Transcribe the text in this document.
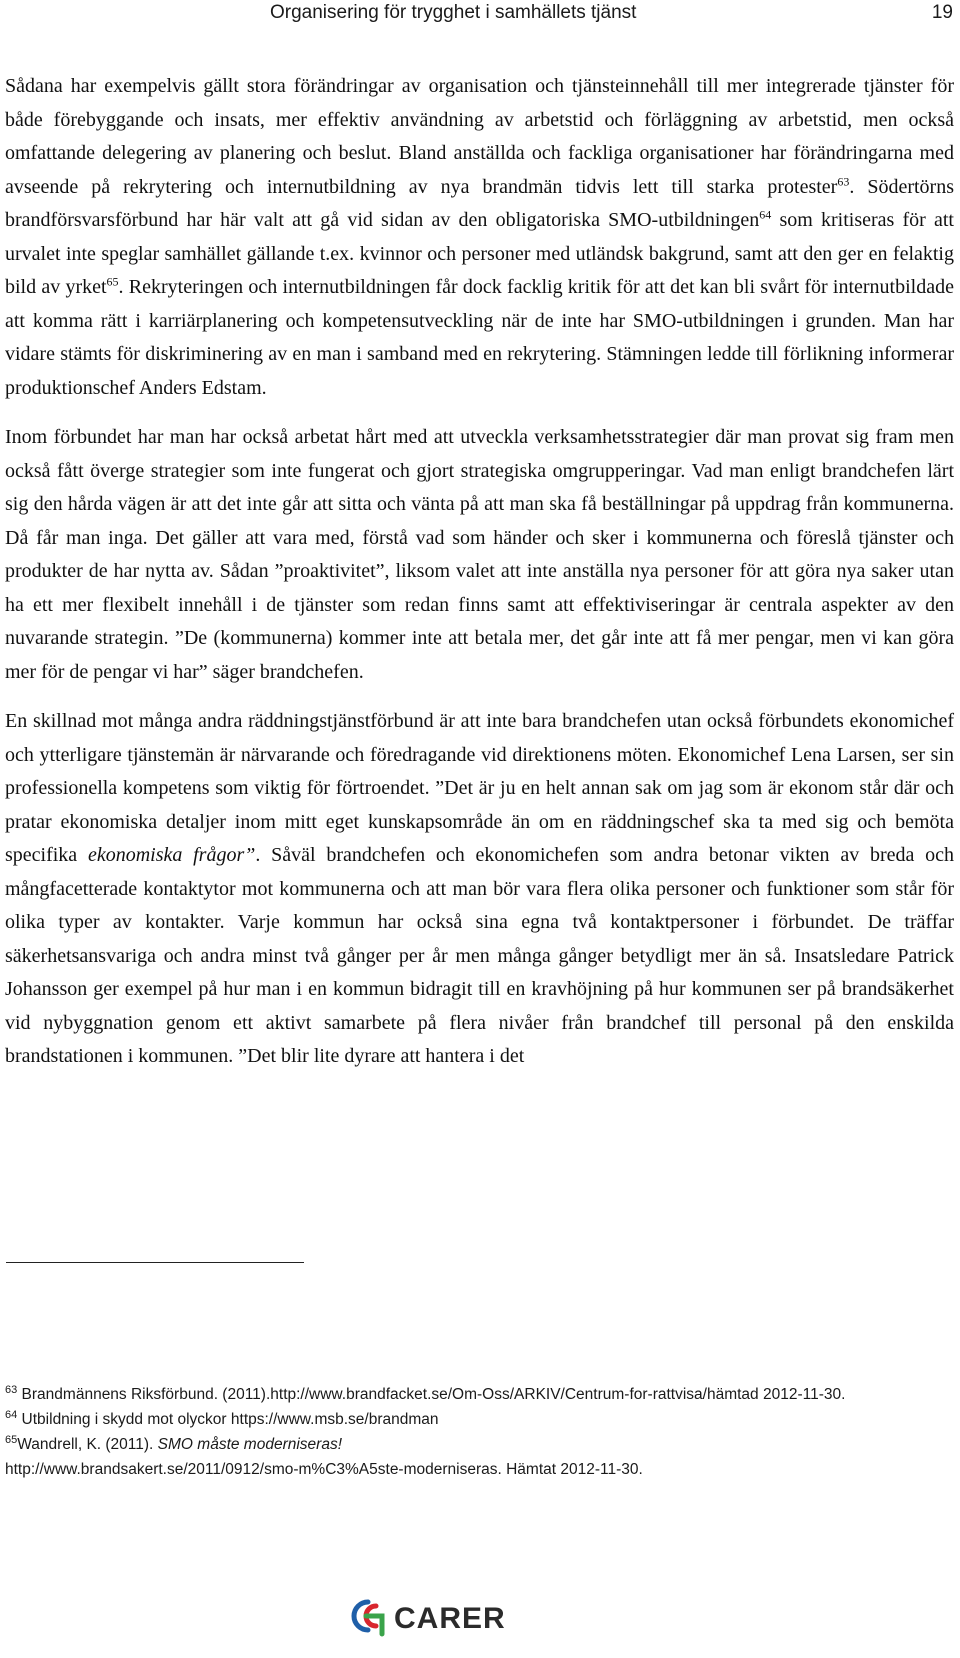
Organisering för trygghet i samhällets tjänst	19

Sådana har exempelvis gällt stora förändringar av organisation och tjänsteinnehåll till mer integrerade tjänster för både förebyggande och insats, mer effektiv användning av arbetstid och förläggning av arbetstid, men också omfattande delegering av planering och beslut. Bland anställda och fackliga organisationer har förändringarna med avseende på rekrytering och internutbildning av nya brandmän tidvis lett till starka protester$^{63}$. Södertörns brandförsvarsförbund har här valt att gå vid sidan av den obligatoriska SMO-utbildningen$^{64}$ som kritiseras för att urvalet inte speglar samhället gällande t.ex. kvinnor och personer med utländsk bakgrund, samt att den ger en felaktig bild av yrket$^{65}$. Rekryteringen och internutbildningen får dock facklig kritik för att det kan bli svårt för internutbildade att komma rätt i karriärplanering och kompetensutveckling när de inte har SMO-utbildningen i grunden. Man har vidare stämts för diskriminering av en man i samband med en rekrytering. Stämningen ledde till förlikning informerar produktionschef Anders Edstam.

Inom förbundet har man har också arbetat hårt med att utveckla verksamhetsstrategier där man provat sig fram men också fått överge strategier som inte fungerat och gjort strategiska omgrupperingar. Vad man enligt brandchefen lärt sig den hårda vägen är att det inte går att sitta och vänta på att man ska få beställningar på uppdrag från kommunerna. Då får man inga. Det gäller att vara med, förstå vad som händer och sker i kommunerna och föreslå tjänster och produkter de har nytta av. Sådan ”proaktivitet”, liksom valet att inte anställa nya personer för att göra nya saker utan ha ett mer flexibelt innehåll i de tjänster som redan finns samt att effektiviseringar är centrala aspekter av den nuvarande strategin. ”De (kommunerna) kommer inte att betala mer, det går inte att få mer pengar, men vi kan göra mer för de pengar vi har” säger brandchefen.

En skillnad mot många andra räddningstjänstförbund är att inte bara brandchefen utan också förbundets ekonomichef och ytterligare tjänstemän är närvarande och föredragande vid direktionens möten. Ekonomichef Lena Larsen, ser sin professionella kompetens som viktig för förtroendet. ”Det är ju en helt annan sak om jag som är ekonom står där och pratar ekonomiska detaljer inom mitt eget kunskapsområde än om en räddningschef ska ta med sig och bemöta specifika ekonomiska frågor”. Såväl brandchefen och ekonomichefen som andra betonar vikten av breda och mångfacetterade kontaktytor mot kommunerna och att man bör vara flera olika personer och funktioner som står för olika typer av kontakter. Varje kommun har också sina egna två kontaktpersoner i förbundet. De träffar säkerhetsansvariga och andra minst två gånger per år men många gånger betydligt mer än så. Insatsledare Patrick Johansson ger exempel på hur man i en kommun bidragit till en kravhöjning på hur kommunen ser på brandsäkerhet vid nybyggnation genom ett aktivt samarbete på flera nivåer från brandchef till personal på den enskilda brandstationen i kommunen. ”Det blir lite dyrare att hantera i det

$^{63}$ Brandmännens Riksförbund. (2011).http://www.brandfacket.se/Om-Oss/ARKIV/Centrum-for-rattvisa/hämtad 2012-11-30.
$^{64}$ Utbildning i skydd mot olyckor https://www.msb.se/brandman
$^{65}$Wandrell, K. (2011). SMO måste moderniseras!
http://www.brandsakert.se/2011/0912/smo-m%C3%A5ste-moderniseras. Hämtat 2012-11-30.
CARER
